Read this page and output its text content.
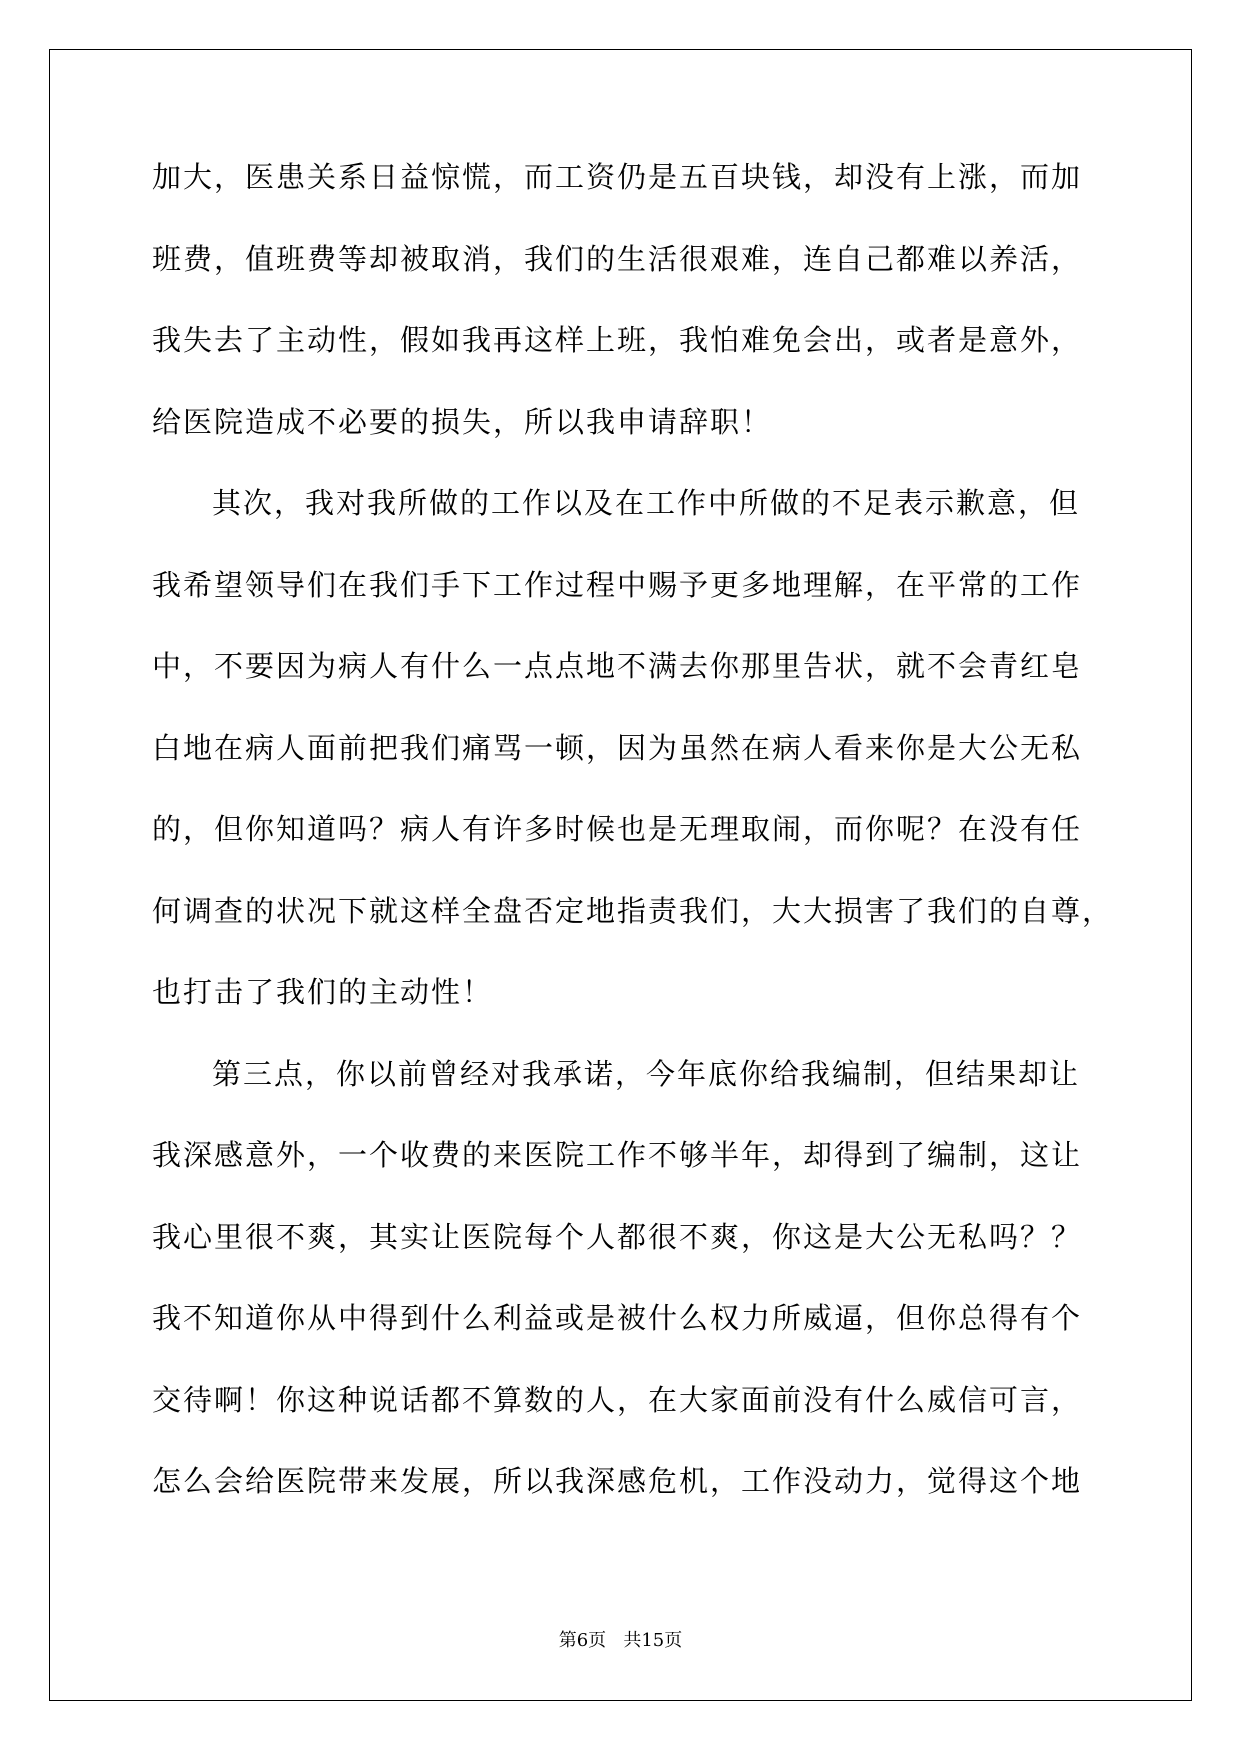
加大，医患关系日益惊慌，而工资仍是五百块钱，却没有上涨，而加
班费，值班费等却被取消，我们的生活很艰难，连自己都难以养活，
我失去了主动性，假如我再这样上班，我怕难免会出，或者是意外，
给医院造成不必要的损失，所以我申请辞职！
其次，我对我所做的工作以及在工作中所做的不足表示歉意，但
我希望领导们在我们手下工作过程中赐予更多地理解，在平常的工作
中，不要因为病人有什么一点点地不满去你那里告状，就不会青红皂
白地在病人面前把我们痛骂一顿，因为虽然在病人看来你是大公无私
的，但你知道吗？病人有许多时候也是无理取闹，而你呢？在没有任
何调查的状况下就这样全盘否定地指责我们，大大损害了我们的自尊，
也打击了我们的主动性！
第三点，你以前曾经对我承诺，今年底你给我编制，但结果却让
我深感意外，一个收费的来医院工作不够半年，却得到了编制，这让
我心里很不爽，其实让医院每个人都很不爽，你这是大公无私吗？？
我不知道你从中得到什么利益或是被什么权力所威逼，但你总得有个
交待啊！你这种说话都不算数的人，在大家面前没有什么威信可言，
怎么会给医院带来发展，所以我深感危机，工作没动力，觉得这个地
第6页 共15页
